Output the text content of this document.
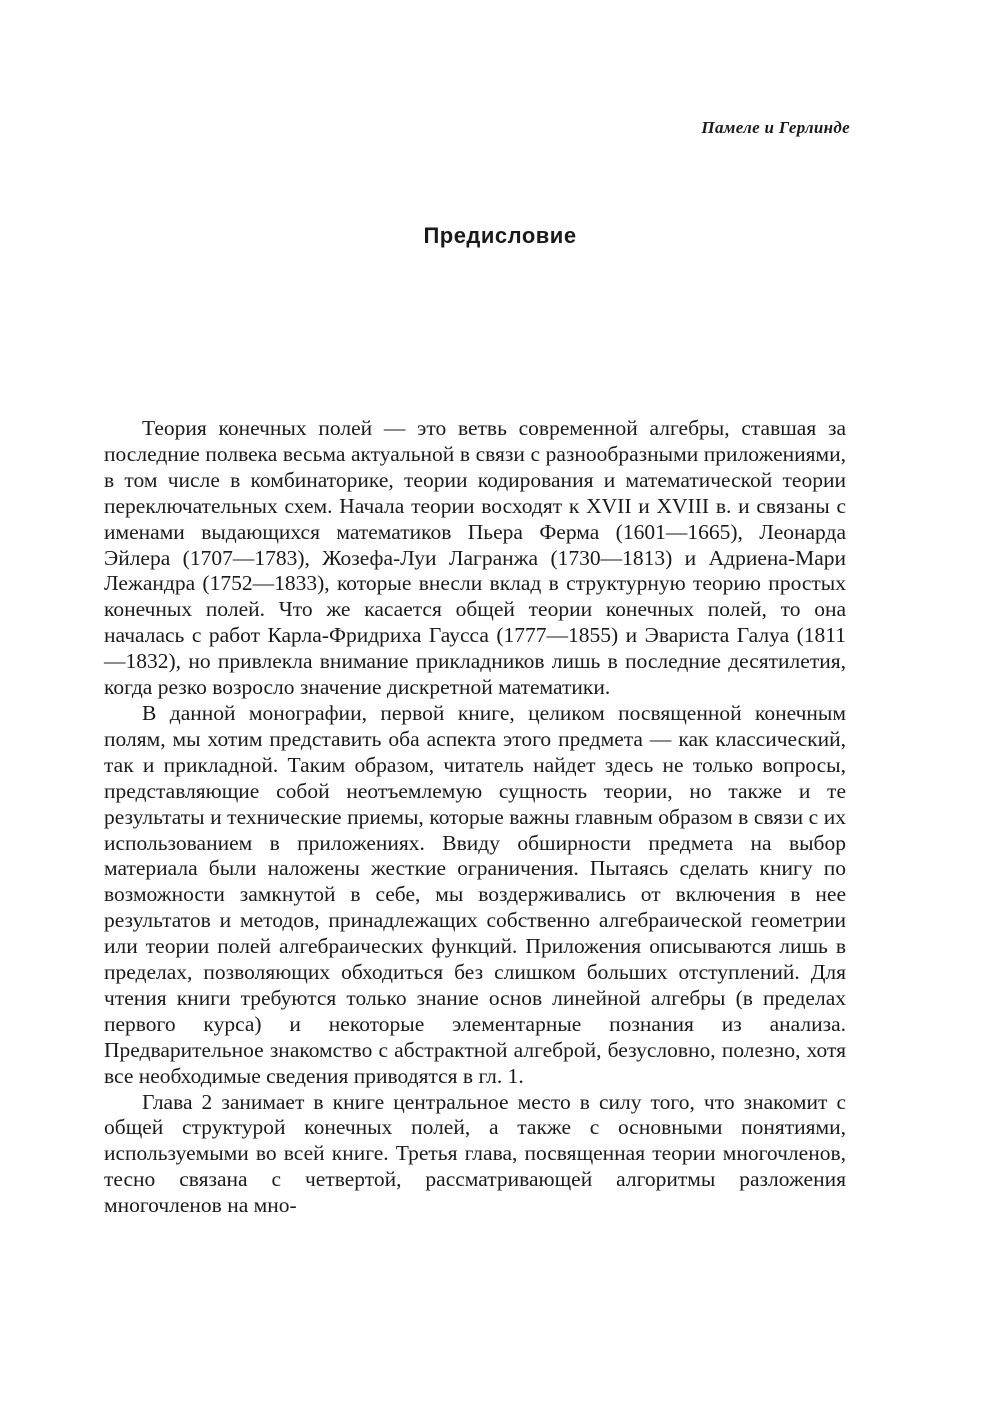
Памеле и Герлинде
Предисловие

Теория конечных полей — это ветвь современной алгебры, ставшая за последние полвека весьма актуальной в связи с разнообразными приложениями, в том числе в комбинаторике, теории кодирования и математической теории переключательных схем. Начала теории восходят к XVII и XVIII в. и связаны с именами выдающихся математиков Пьера Ферма (1601—1665), Леонарда Эйлера (1707—1783), Жозефа-Луи Лагранжа (1730—1813) и Адриена-Мари Лежандра (1752—1833), которые внесли вклад в структурную теорию простых конечных полей. Что же касается общей теории конечных полей, то она началась с работ Карла-Фридриха Гаусса (1777—1855) и Эвариста Галуа (1811—1832), но привлекла внимание прикладников лишь в последние десятилетия, когда резко возросло значение дискретной математики.

В данной монографии, первой книге, целиком посвященной конечным полям, мы хотим представить оба аспекта этого предмета — как классический, так и прикладной. Таким образом, читатель найдет здесь не только вопросы, представляющие собой неотъемлемую сущность теории, но также и те результаты и технические приемы, которые важны главным образом в связи с их использованием в приложениях. Ввиду обширности предмета на выбор материала были наложены жесткие ограничения. Пытаясь сделать книгу по возможности замкнутой в себе, мы воздерживались от включения в нее результатов и методов, принадлежащих собственно алгебраической геометрии или теории полей алгебраических функций. Приложения описываются лишь в пределах, позволяющих обходиться без слишком больших отступлений. Для чтения книги требуются только знание основ линейной алгебры (в пределах первого курса) и некоторые элементарные познания из анализа. Предварительное знакомство с абстрактной алгеброй, безусловно, полезно, хотя все необходимые сведения приводятся в гл. 1.

Глава 2 занимает в книге центральное место в силу того, что знакомит с общей структурой конечных полей, а также с основными понятиями, используемыми во всей книге. Третья глава, посвященная теории многочленов, тесно связана с четвертой, рассматривающей алгоритмы разложения многочленов на мно-
